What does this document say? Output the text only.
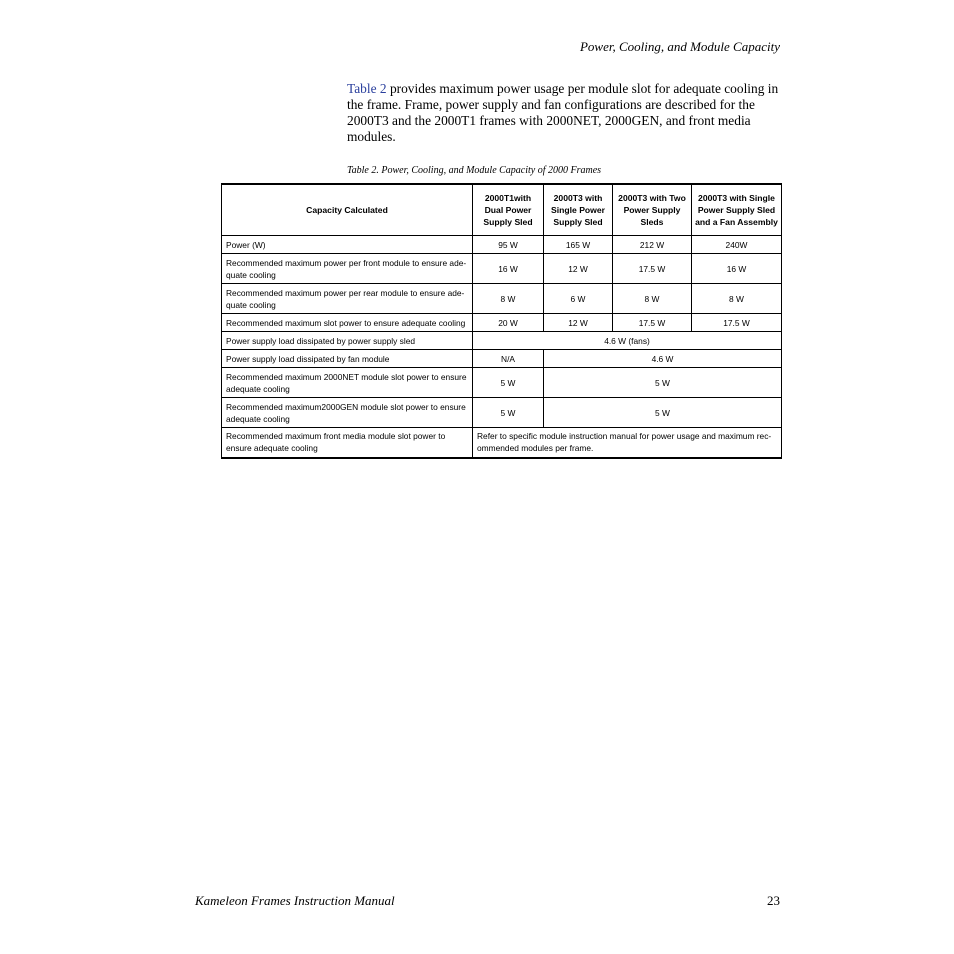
Power, Cooling, and Module Capacity

Table 2 provides maximum power usage per module slot for adequate cooling in the frame. Frame, power supply and fan configurations are described for the 2000T3 and the 2000T1 frames with 2000NET, 2000GEN, and front media modules.

Table 2. Power, Cooling, and Module Capacity of 2000 Frames
Capacity Calculated	2000T1with Dual Power Supply Sled	2000T3 with Single Power Supply Sled	2000T3 with Two Power Supply Sleds	2000T3 with Single Power Supply Sled and a Fan Assembly
Power (W)	95 W	165 W	212 W	240W
Recommended maximum power per front module to ensure ade-quate cooling	16 W	12 W	17.5 W	16 W
Recommended maximum power per rear module to ensure ade-quate cooling	8 W	6 W	8 W	8 W
Recommended maximum slot power to ensure adequate cooling	20 W	12 W	17.5 W	17.5 W
Power supply load dissipated by power supply sled	4.6 W (fans)			
Power supply load dissipated by fan module	N/A	4.6 W		
Recommended maximum 2000NET module slot power to ensure adequate cooling	5 W	5 W		
Recommended maximum2000GEN module slot power to ensure adequate cooling	5 W	5 W		
Recommended maximum front media module slot power to ensure adequate cooling	Refer to specific module instruction manual for power usage and maximum rec-ommended modules per frame.			
Kameleon Frames Instruction Manual	23
